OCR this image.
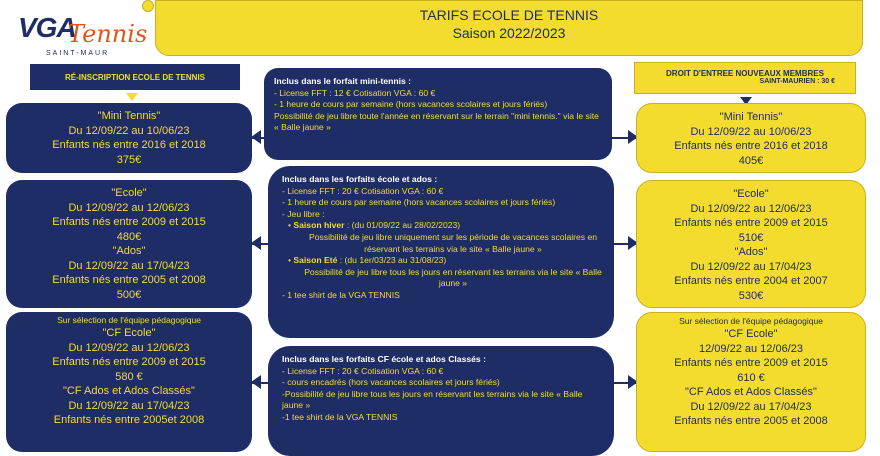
VGA
Tennis
SAINT-MAUR
TARIFS ECOLE DE TENNIS
Saison 2022/2023
RÉ-INSCRIPTION ECOLE DE TENNIS
"Mini Tennis"
Du 12/09/22 au 10/06/23
Enfants nés entre 2016 et 2018
375€
"Ecole"
Du 12/09/22 au 12/06/23
Enfants nés entre 2009 et 2015
480€
"Ados"
Du 12/09/22 au 17/04/23
Enfants nés entre 2005 et 2008
500€
Sur sélection de l'équipe pédagogique
"CF Ecole"
Du 12/09/22 au 12/06/23
Enfants nés entre 2009 et 2015
580 €
"CF Ados et Ados Classés"
Du 12/09/22 au 17/04/23
Enfants nés entre 2005et 2008
Inclus dans le forfait mini-tennis :
- License FFT : 12 € Cotisation VGA : 60 €
- 1 heure de cours par semaine (hors vacances scolaires et jours fériés)
Possibilité de jeu libre toute l'année en réservant sur le terrain "mini tennis." via le site « Balle jaune »
Inclus dans les forfaits école et ados :
- License FFT : 20 € Cotisation VGA : 60 €
- 1 heure de cours par semaine (hors vacances scolaires et jours fériés)
- Jeu libre :
• Saison hiver : (du 01/09/22 au 28/02/2023)
Possibilité de jeu libre uniquement sur les période de vacances scolaires en réservant les terrains via le site « Balle jaune »
• Saison Eté : (du 1er/03/23 au 31/08/23)
Possibilité de jeu libre tous les jours en réservant les terrains via le site « Balle jaune »
- 1 tee shirt de la VGA TENNIS
Inclus dans les forfaits CF école et ados Classés :
- License FFT : 20 € Cotisation VGA : 60 €
- cours encadrés (hors vacances scolaires et jours fériés)
-Possibilité de jeu libre tous les jours en réservant les terrains via le site « Balle jaune »
-1 tee shirt de la VGA TENNIS
DROIT D'ENTREE NOUVEAUX MEMBRES
SAINT-MAURIEN : 30 €
"Mini Tennis"
Du 12/09/22 au 10/06/23
Enfants nés entre 2016 et 2018
405€
"Ecole"
Du 12/09/22 au 12/06/23
Enfants nés entre 2009 et 2015
510€
"Ados"
Du 12/09/22 au 17/04/23
Enfants nés entre 2004 et 2007
530€
Sur sélection de l'équipe pédagogique
"CF Ecole"
12/09/22 au 12/06/23
Enfants nés entre 2009 et 2015
610 €
"CF Ados et Ados Classés"
Du 12/09/22 au 17/04/23
Enfants nés entre 2005 et 2008
